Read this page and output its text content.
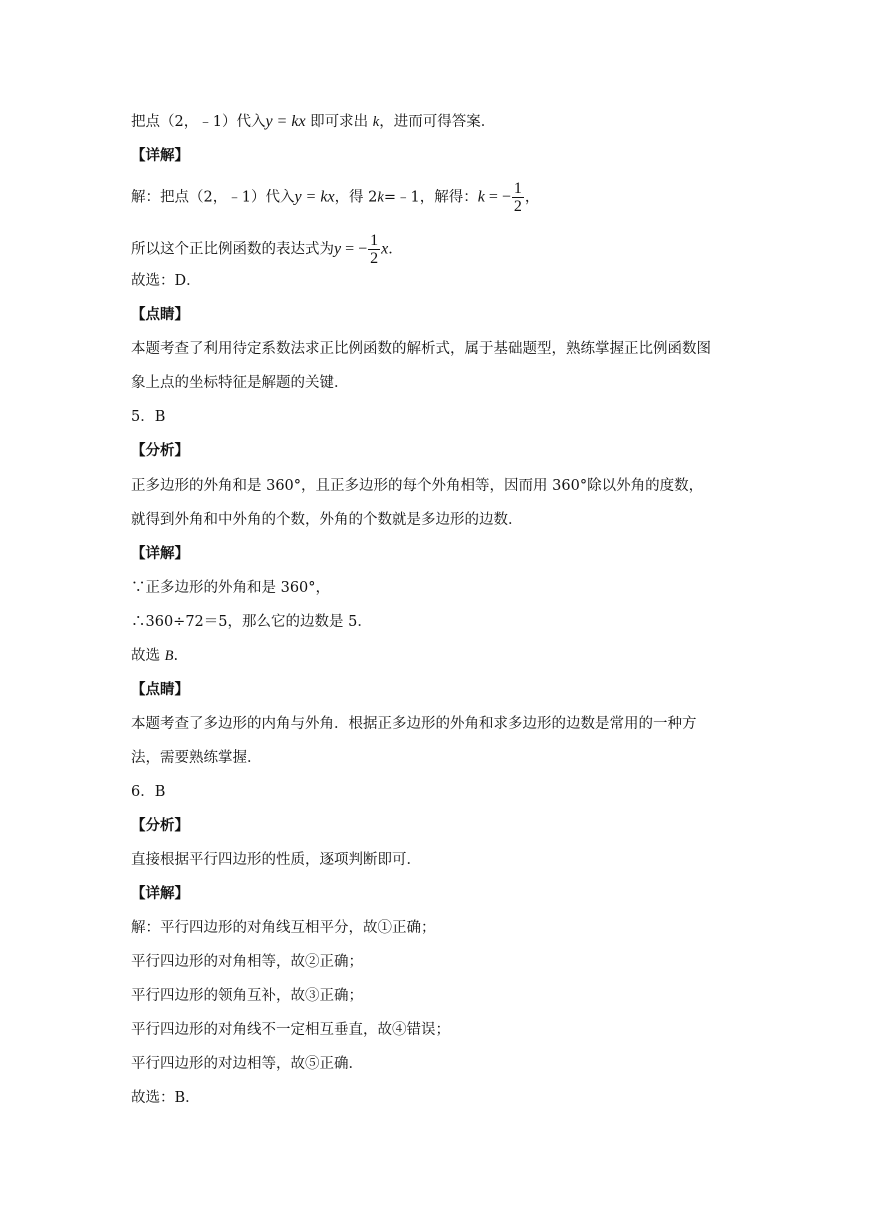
把点（2，﹣1）代入y = kx 即可求出 k，进而可得答案．
【详解】
解：把点（2，﹣1）代入y = kx，得 2k=﹣1，解得：k = − $\frac{1}{2}$ ，
所以这个正比例函数的表达式为y = − $\frac{1}{2}$ x．
故选：D．
【点睛】
本题考查了利用待定系数法求正比例函数的解析式，属于基础题型，熟练掌握正比例函数图
象上点的坐标特征是解题的关键．
5．B
【分析】
正多边形的外角和是 360°，且正多边形的每个外角相等，因而用 360°除以外角的度数，
就得到外角和中外角的个数，外角的个数就是多边形的边数．
【详解】
∵正多边形的外角和是 360°，
∴360÷72＝5，那么它的边数是 5．
故选 B.
【点睛】
本题考查了多边形的内角与外角．根据正多边形的外角和求多边形的边数是常用的一种方
法，需要熟练掌握．
6．B
【分析】
直接根据平行四边形的性质，逐项判断即可．
【详解】
解：平行四边形的对角线互相平分，故①正确；
平行四边形的对角相等，故②正确；
平行四边形的领角互补，故③正确；
平行四边形的对角线不一定相互垂直，故④错误；
平行四边形的对边相等，故⑤正确．
故选：B．
